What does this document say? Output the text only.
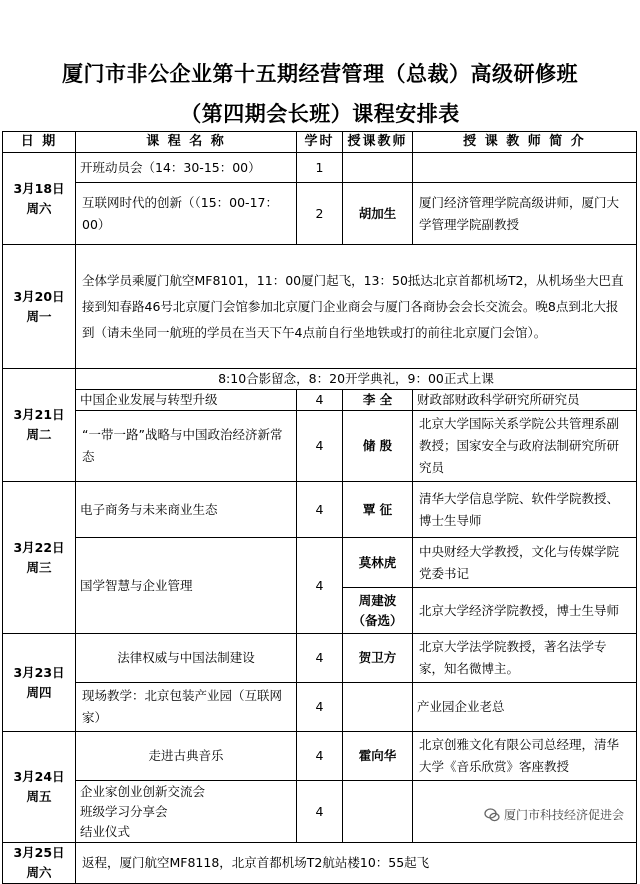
厦门市非公企业第十五期经营管理（总裁）高级研修班
（第四期会长班）课程安排表
日 期	课 程 名 称	学时	授课教师	授 课 教 师 简 介

3月18日
周六	开班动员会（14：30-15：00）	1		
	互联网时代的创新（（15：00-17：00）	2	胡加生	厦门经济管理学院高级讲师，厦门大学管理学院副教授

3月20日
周一	全体学员乘厦门航空MF8101，11：00厦门起飞，13：50抵达北京首都机场T2，从机场坐大巴直接到知春路46号北京厦门会馆参加北京厦门企业商会与厦门各商协会会长交流会。晚8点到北大报到（请未坐同一航班的学员在当天下午4点前自行坐地铁或打的前往北京厦门会馆）。			

3月21日
周二	8:10合影留念，8：20开学典礼，9：00正式上课			
	中国企业发展与转型升级	4	李 全	财政部财政科学研究所研究员
	“一带一路”战略与中国政治经济新常态	4	储 殷	北京大学国际关系学院公共管理系副教授；国家安全与政府法制研究所研究员

3月22日
周三	电子商务与未来商业生态	4	覃 征	清华大学信息学院、软件学院教授、博士生导师
	国学智慧与企业管理	4	莫林虎	中央财经大学教授，文化与传媒学院党委书记
			周建波（备选）	北京大学经济学院教授，博士生导师

3月23日
周四	法律权威与中国法制建设	4	贺卫方	北京大学法学院教授，著名法学专家，知名微博主。
	现场教学：北京包装产业园（互联网家）	4		产业园企业老总

3月24日
周五	走进古典音乐	4	霍向华	北京创雅文化有限公司总经理，清华大学《音乐欣赏》客座教授

	企业家创业创新交流会
班级学习分享会
结业仪式	4		

3月25日
周六	返程，厦门航空MF8118，北京首都机场T2航站楼10：55起飞			
厦门市科技经济促进会
